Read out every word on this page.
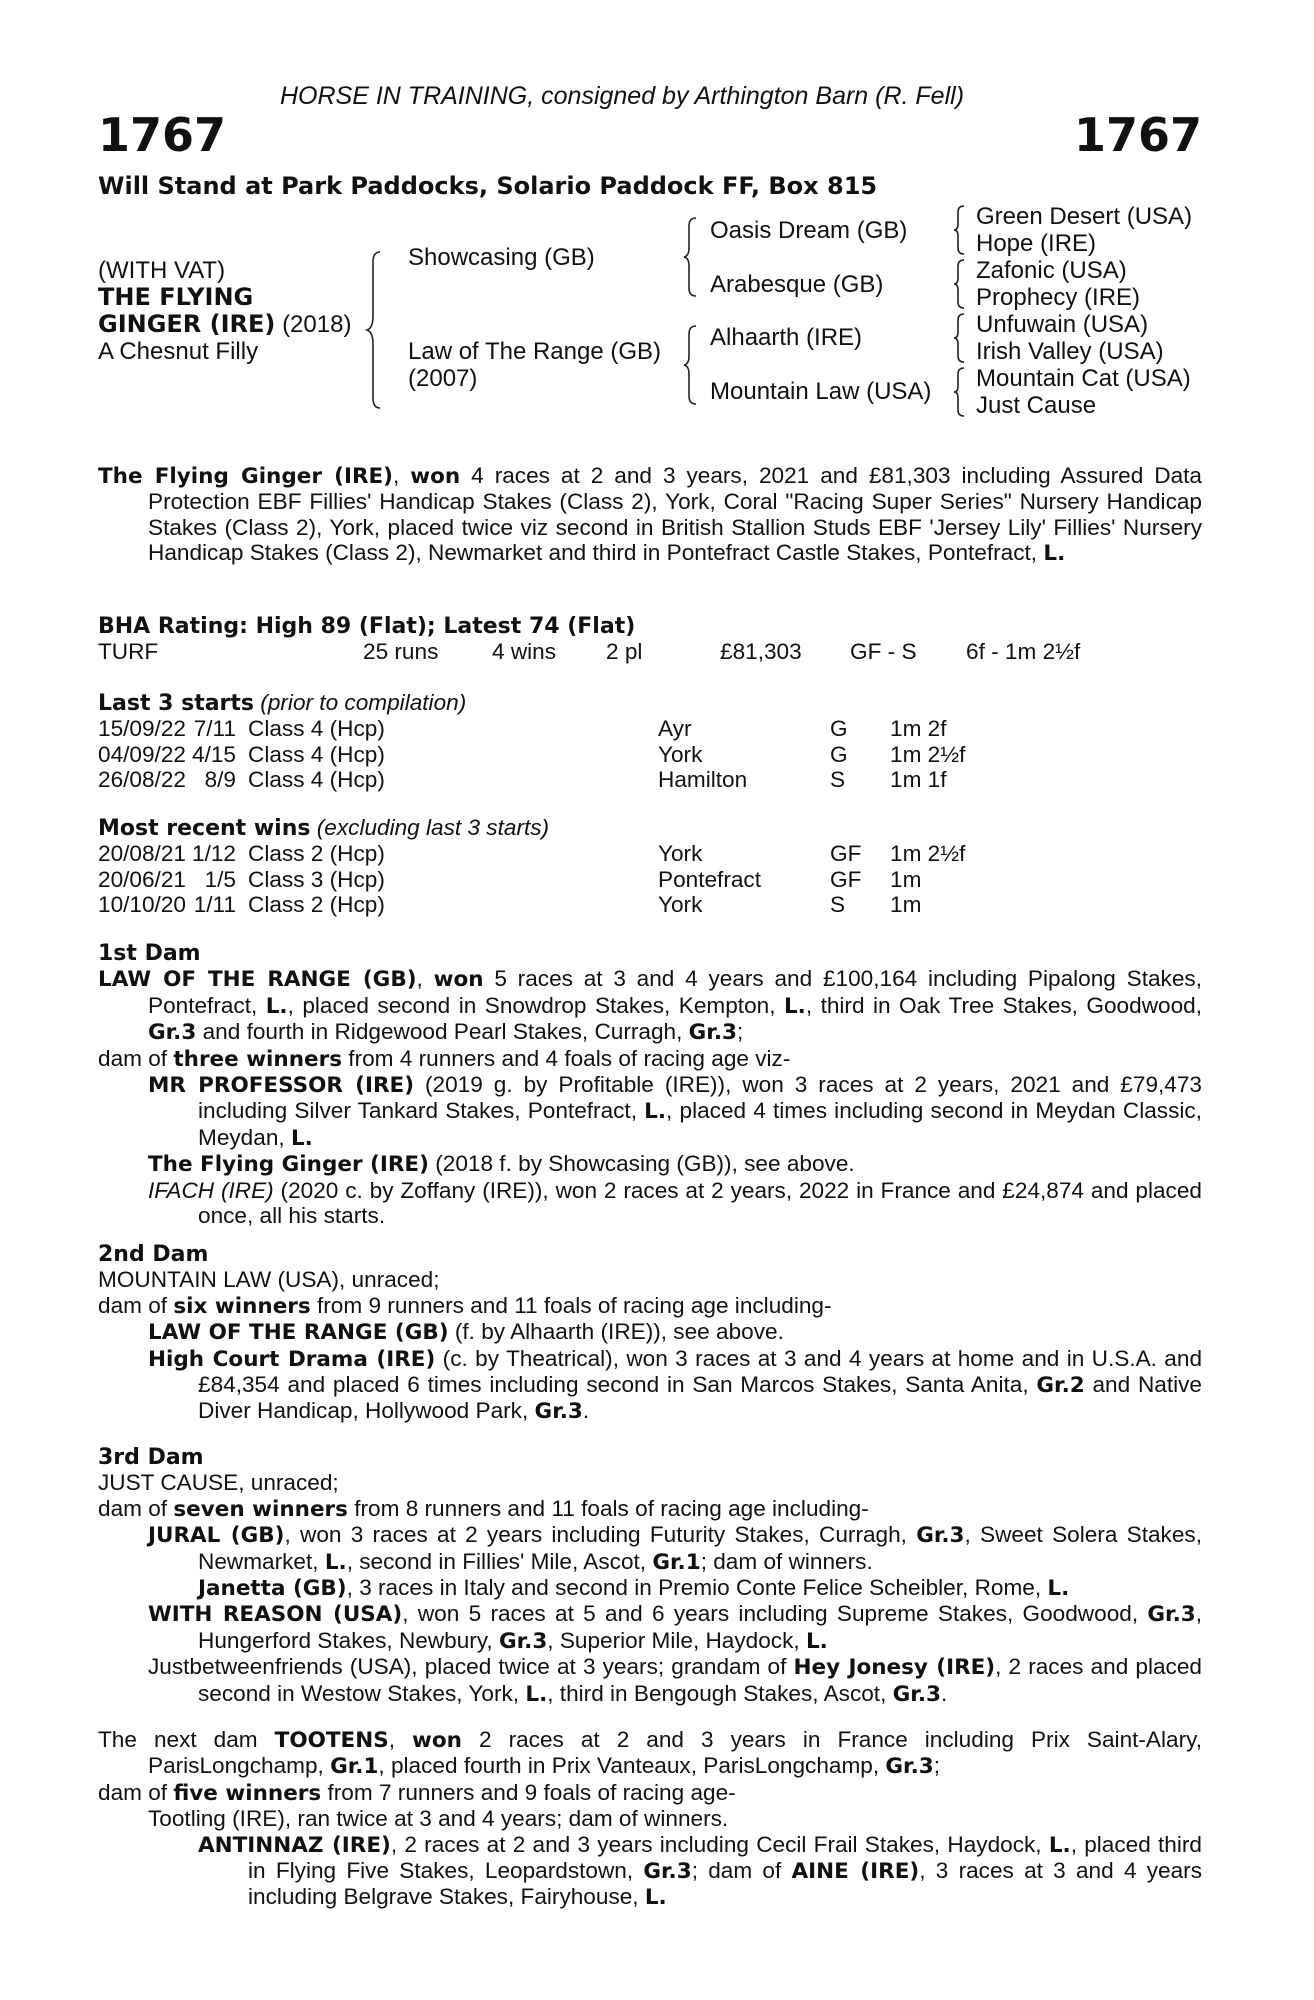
HORSE IN TRAINING, consigned by Arthington Barn (R. Fell)
1767	1767
Will Stand at Park Paddocks, Solario Paddock FF, Box 815
(WITH VAT)
THE FLYING
GINGER (IRE) (2018)
A Chesnut Filly
Showcasing (GB)
Law of The Range (GB)
(2007)
Oasis Dream (GB)
Arabesque (GB)
Alhaarth (IRE)
Mountain Law (USA)
Green Desert (USA)
Hope (IRE)
Zafonic (USA)
Prophecy (IRE)
Unfuwain (USA)
Irish Valley (USA)
Mountain Cat (USA)
Just Cause

The Flying Ginger (IRE), won 4 races at 2 and 3 years, 2021 and £81,303 including Assured Data Protection EBF Fillies' Handicap Stakes (Class 2), York, Coral "Racing Super Series" Nursery Handicap Stakes (Class 2), York, placed twice viz second in British Stallion Studs EBF 'Jersey Lily' Fillies' Nursery Handicap Stakes (Class 2), Newmarket and third in Pontefract Castle Stakes, Pontefract, L.

BHA Rating: High 89 (Flat); Latest 74 (Flat)
TURF	25 runs 4 wins 2 pl	£81,303 GF - S 6f - 1m 2½f
Last 3 starts (prior to compilation)
15/09/22 7/11 Class 4 (Hcp)	Ayr	G 1m 2f
04/09/22 4/15 Class 4 (Hcp)	York	G 1m 2½f
26/08/22 8/9 Class 4 (Hcp)	Hamilton	S 1m 1f
Most recent wins (excluding last 3 starts)
20/08/21 1/12 Class 2 (Hcp)	York	GF 1m 2½f
20/06/21 1/5 Class 3 (Hcp)	Pontefract	GF 1m
10/10/20 1/11 Class 2 (Hcp)	York	S 1m
1st Dam

LAW OF THE RANGE (GB), won 5 races at 3 and 4 years and £100,164 including Pipalong Stakes, Pontefract, L., placed second in Snowdrop Stakes, Kempton, L., third in Oak Tree Stakes, Goodwood, Gr.3 and fourth in Ridgewood Pearl Stakes, Curragh, Gr.3;

dam of three winners from 4 runners and 4 foals of racing age viz-

MR PROFESSOR (IRE) (2019 g. by Profitable (IRE)), won 3 races at 2 years, 2021 and £79,473 including Silver Tankard Stakes, Pontefract, L., placed 4 times including second in Meydan Classic, Meydan, L.

The Flying Ginger (IRE) (2018 f. by Showcasing (GB)), see above.

IFACH (IRE) (2020 c. by Zoffany (IRE)), won 2 races at 2 years, 2022 in France and £24,874 and placed once, all his starts.

2nd Dam

MOUNTAIN LAW (USA), unraced;

dam of six winners from 9 runners and 11 foals of racing age including-

LAW OF THE RANGE (GB) (f. by Alhaarth (IRE)), see above.

High Court Drama (IRE) (c. by Theatrical), won 3 races at 3 and 4 years at home and in U.S.A. and £84,354 and placed 6 times including second in San Marcos Stakes, Santa Anita, Gr.2 and Native Diver Handicap, Hollywood Park, Gr.3.

3rd Dam

JUST CAUSE, unraced;

dam of seven winners from 8 runners and 11 foals of racing age including-

JURAL (GB), won 3 races at 2 years including Futurity Stakes, Curragh, Gr.3, Sweet Solera Stakes, Newmarket, L., second in Fillies' Mile, Ascot, Gr.1; dam of winners.

Janetta (GB), 3 races in Italy and second in Premio Conte Felice Scheibler, Rome, L.

WITH REASON (USA), won 5 races at 5 and 6 years including Supreme Stakes, Goodwood, Gr.3, Hungerford Stakes, Newbury, Gr.3, Superior Mile, Haydock, L.

Justbetweenfriends (USA), placed twice at 3 years; grandam of Hey Jonesy (IRE), 2 races and placed second in Westow Stakes, York, L., third in Bengough Stakes, Ascot, Gr.3.

The next dam TOOTENS, won 2 races at 2 and 3 years in France including Prix Saint-Alary, ParisLongchamp, Gr.1, placed fourth in Prix Vanteaux, ParisLongchamp, Gr.3;

dam of five winners from 7 runners and 9 foals of racing age-

Tootling (IRE), ran twice at 3 and 4 years; dam of winners.

ANTINNAZ (IRE), 2 races at 2 and 3 years including Cecil Frail Stakes, Haydock, L., placed third in Flying Five Stakes, Leopardstown, Gr.3; dam of AINE (IRE), 3 races at 3 and 4 years including Belgrave Stakes, Fairyhouse, L.
